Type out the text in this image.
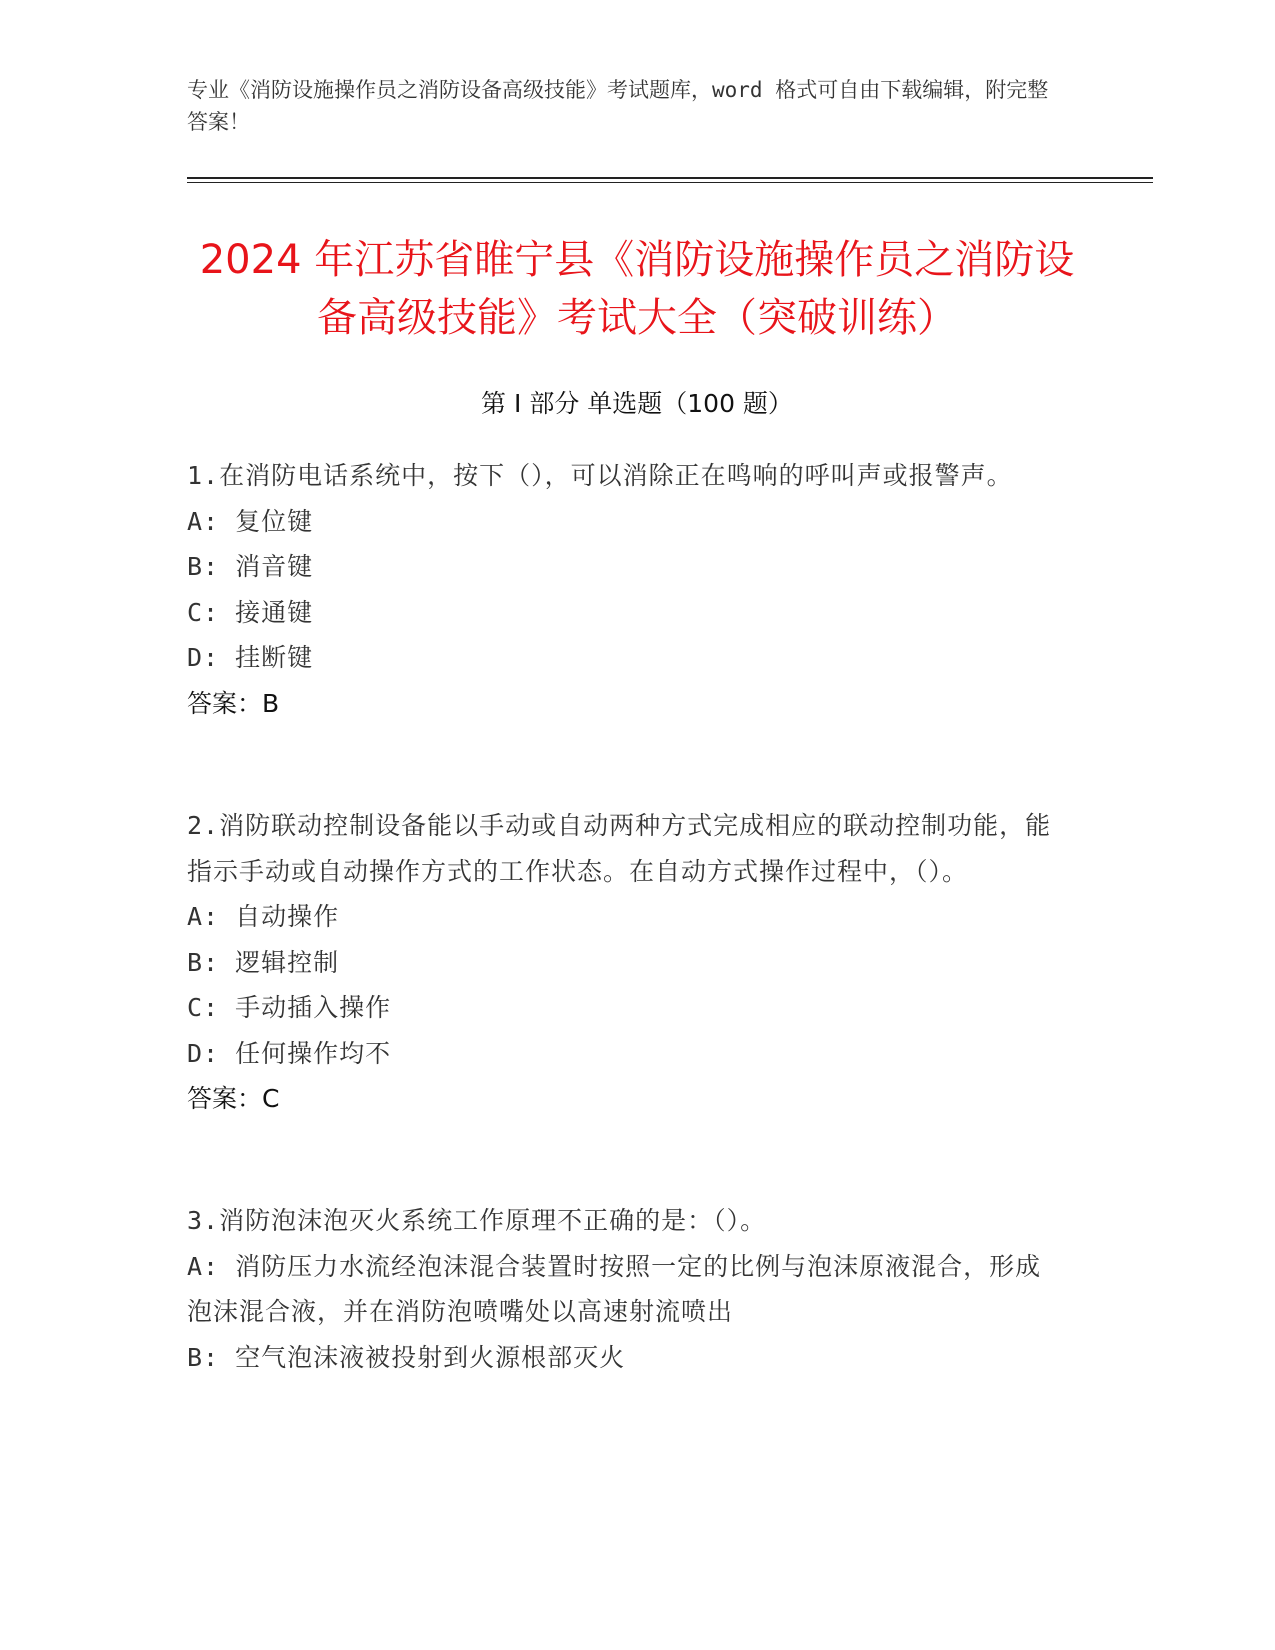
专业《消防设施操作员之消防设备高级技能》考试题库，word 格式可自由下载编辑，附完整答案！
2024 年江苏省睢宁县《消防设施操作员之消防设备高级技能》考试大全（突破训练）
第 I 部分 单选题（100 题）
1.在消防电话系统中，按下（），可以消除正在鸣响的呼叫声或报警声。
A: 复位键
B: 消音键
C: 接通键
D: 挂断键
答案：B
2.消防联动控制设备能以手动或自动两种方式完成相应的联动控制功能，能指示手动或自动操作方式的工作状态。在自动方式操作过程中，（）。
A: 自动操作
B: 逻辑控制
C: 手动插入操作
D: 任何操作均不
答案：C
3.消防泡沫泡灭火系统工作原理不正确的是：（）。
A: 消防压力水流经泡沫混合装置时按照一定的比例与泡沫原液混合，形成泡沫混合液，并在消防泡喷嘴处以高速射流喷出
B: 空气泡沫液被投射到火源根部灭火
